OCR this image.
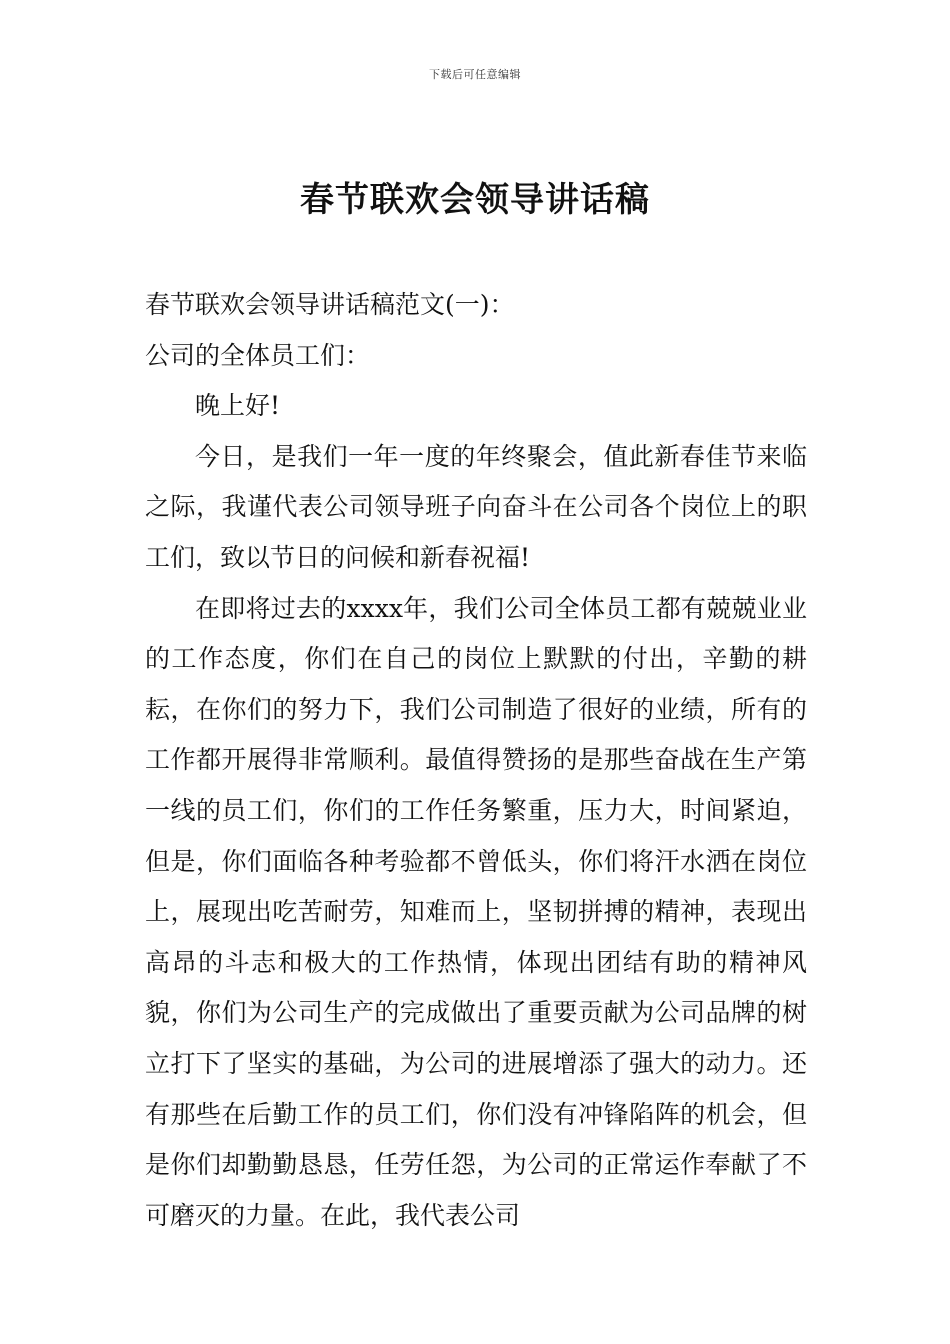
下载后可任意编辑
春节联欢会领导讲话稿

春节联欢会领导讲话稿范文(一)：

公司的全体员工们：

晚上好!

今日，是我们一年一度的年终聚会，值此新春佳节来临之际，我谨代表公司领导班子向奋斗在公司各个岗位上的职工们，致以节日的问候和新春祝福!

在即将过去的xxxx年，我们公司全体员工都有兢兢业业的工作态度，你们在自己的岗位上默默的付出，辛勤的耕耘，在你们的努力下，我们公司制造了很好的业绩，所有的工作都开展得非常顺利。最值得赞扬的是那些奋战在生产第一线的员工们，你们的工作任务繁重，压力大，时间紧迫，但是，你们面临各种考验都不曾低头，你们将汗水洒在岗位上，展现出吃苦耐劳，知难而上，坚韧拼搏的精神，表现出高昂的斗志和极大的工作热情，体现出团结有助的精神风貌，你们为公司生产的完成做出了重要贡献为公司品牌的树立打下了坚实的基础，为公司的进展增添了强大的动力。还有那些在后勤工作的员工们，你们没有冲锋陷阵的机会，但是你们却勤勤恳恳，任劳任怨，为公司的正常运作奉献了不可磨灭的力量。在此，我代表公司
